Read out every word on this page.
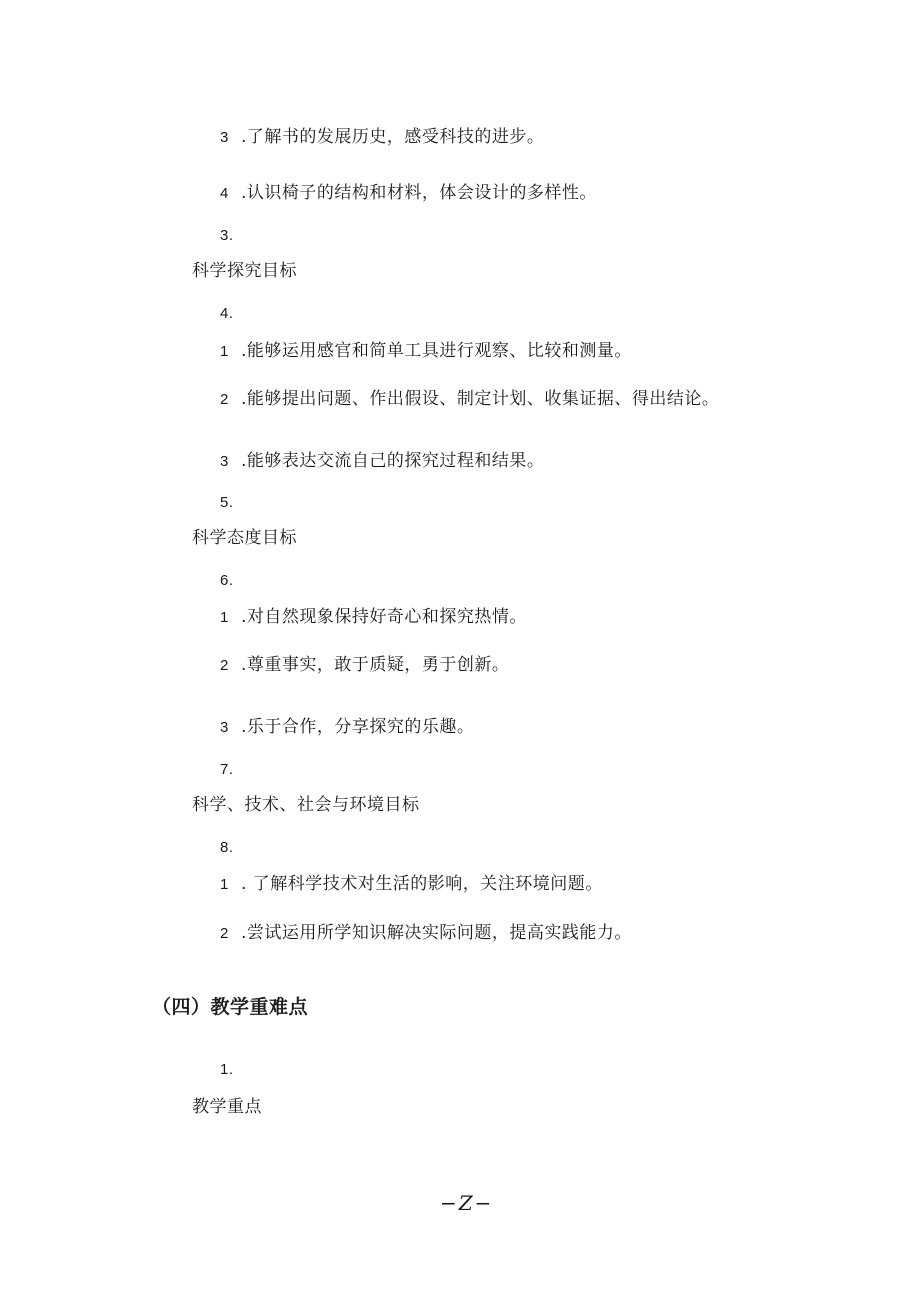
3 .了解书的发展历史，感受科技的进步。
4 .认识椅子的结构和材料，体会设计的多样性。
3.
科学探究目标
4.
1 .能够运用感官和简单工具进行观察、比较和测量。
2 .能够提出问题、作出假设、制定计划、收集证据、得出结论。
3 .能够表达交流自己的探究过程和结果。
5.
科学态度目标
6.
1 .对自然现象保持好奇心和探究热情。
2 .尊重事实，敢于质疑，勇于创新。
3 .乐于合作，分享探究的乐趣。
7.
科学、技术、社会与环境目标
8.
1 . 了解科学技术对生活的影响，关注环境问题。
2 .尝试运用所学知识解决实际问题，提高实践能力。
（四）教学重难点
1.
教学重点
−Z−
